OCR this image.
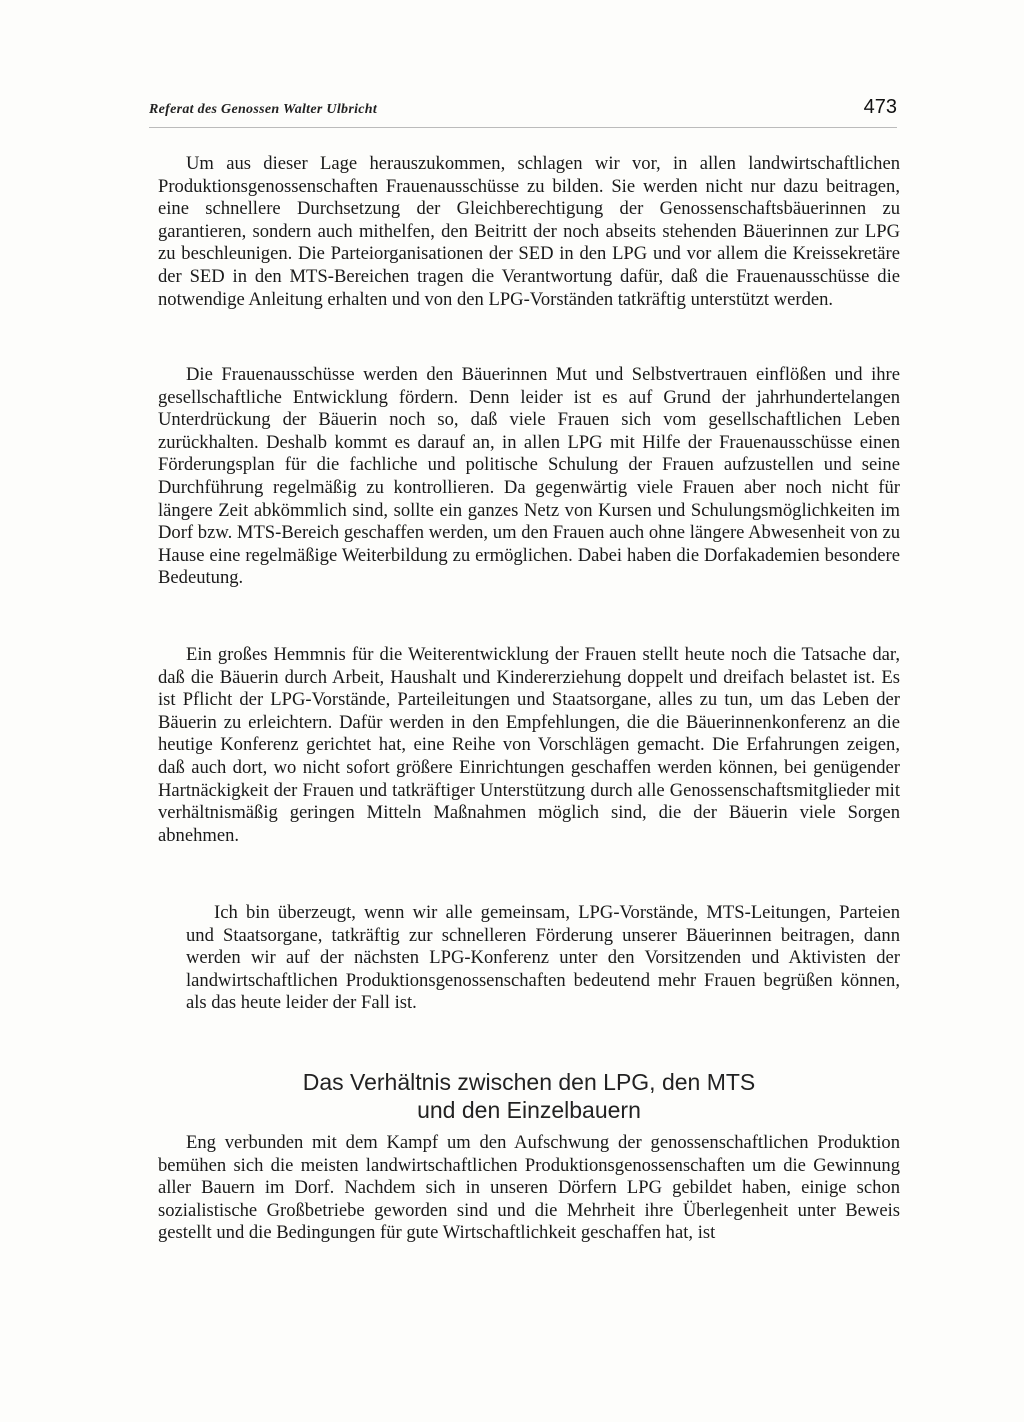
Referat des Genossen Walter Ulbricht	473

Um aus dieser Lage herauszukommen, schlagen wir vor, in allen landwirtschaftlichen Produktionsgenossenschaften Frauenausschüsse zu bilden. Sie werden nicht nur dazu beitragen, eine schnellere Durchsetzung der Gleichberechtigung der Genossenschaftsbäuerinnen zu garantieren, sondern auch mithelfen, den Beitritt der noch abseits stehenden Bäuerinnen zur LPG zu beschleunigen. Die Parteiorganisationen der SED in den LPG und vor allem die Kreissekretäre der SED in den MTS-Bereichen tragen die Verantwortung dafür, daß die Frauenausschüsse die notwendige Anleitung erhalten und von den LPG-Vorständen tatkräftig unterstützt werden.

Die Frauenausschüsse werden den Bäuerinnen Mut und Selbstvertrauen einflößen und ihre gesellschaftliche Entwicklung fördern. Denn leider ist es auf Grund der jahrhundertelangen Unterdrückung der Bäuerin noch so, daß viele Frauen sich vom gesellschaftlichen Leben zurückhalten. Deshalb kommt es darauf an, in allen LPG mit Hilfe der Frauenausschüsse einen Förderungsplan für die fachliche und politische Schulung der Frauen aufzustellen und seine Durchführung regelmäßig zu kontrollieren. Da gegenwärtig viele Frauen aber noch nicht für längere Zeit abkömmlich sind, sollte ein ganzes Netz von Kursen und Schulungsmöglichkeiten im Dorf bzw. MTS-Bereich geschaffen werden, um den Frauen auch ohne längere Abwesenheit von zu Hause eine regelmäßige Weiterbildung zu ermöglichen. Dabei haben die Dorfakademien besondere Bedeutung.

Ein großes Hemmnis für die Weiterentwicklung der Frauen stellt heute noch die Tatsache dar, daß die Bäuerin durch Arbeit, Haushalt und Kindererziehung doppelt und dreifach belastet ist. Es ist Pflicht der LPG-Vorstände, Parteileitungen und Staatsorgane, alles zu tun, um das Leben der Bäuerin zu erleichtern. Dafür werden in den Empfehlungen, die die Bäuerinnenkonferenz an die heutige Konferenz gerichtet hat, eine Reihe von Vorschlägen gemacht. Die Erfahrungen zeigen, daß auch dort, wo nicht sofort größere Einrichtungen geschaffen werden können, bei genügender Hartnäckigkeit der Frauen und tatkräftiger Unterstützung durch alle Genossenschaftsmitglieder mit verhältnismäßig geringen Mitteln Maßnahmen möglich sind, die der Bäuerin viele Sorgen abnehmen.

Ich bin überzeugt, wenn wir alle gemeinsam, LPG-Vorstände, MTS-Leitungen, Parteien und Staatsorgane, tatkräftig zur schnelleren Förderung unserer Bäuerinnen beitragen, dann werden wir auf der nächsten LPG-Konferenz unter den Vorsitzenden und Aktivisten der landwirtschaftlichen Produktionsgenossenschaften bedeutend mehr Frauen begrüßen können, als das heute leider der Fall ist.

Das Verhältnis zwischen den LPG, den MTS
und den Einzelbauern

Eng verbunden mit dem Kampf um den Aufschwung der genossenschaftlichen Produktion bemühen sich die meisten landwirtschaftlichen Produktionsgenossenschaften um die Gewinnung aller Bauern im Dorf. Nachdem sich in unseren Dörfern LPG gebildet haben, einige schon sozialistische Großbetriebe geworden sind und die Mehrheit ihre Überlegenheit unter Beweis gestellt und die Bedingungen für gute Wirtschaftlichkeit geschaffen hat, ist
